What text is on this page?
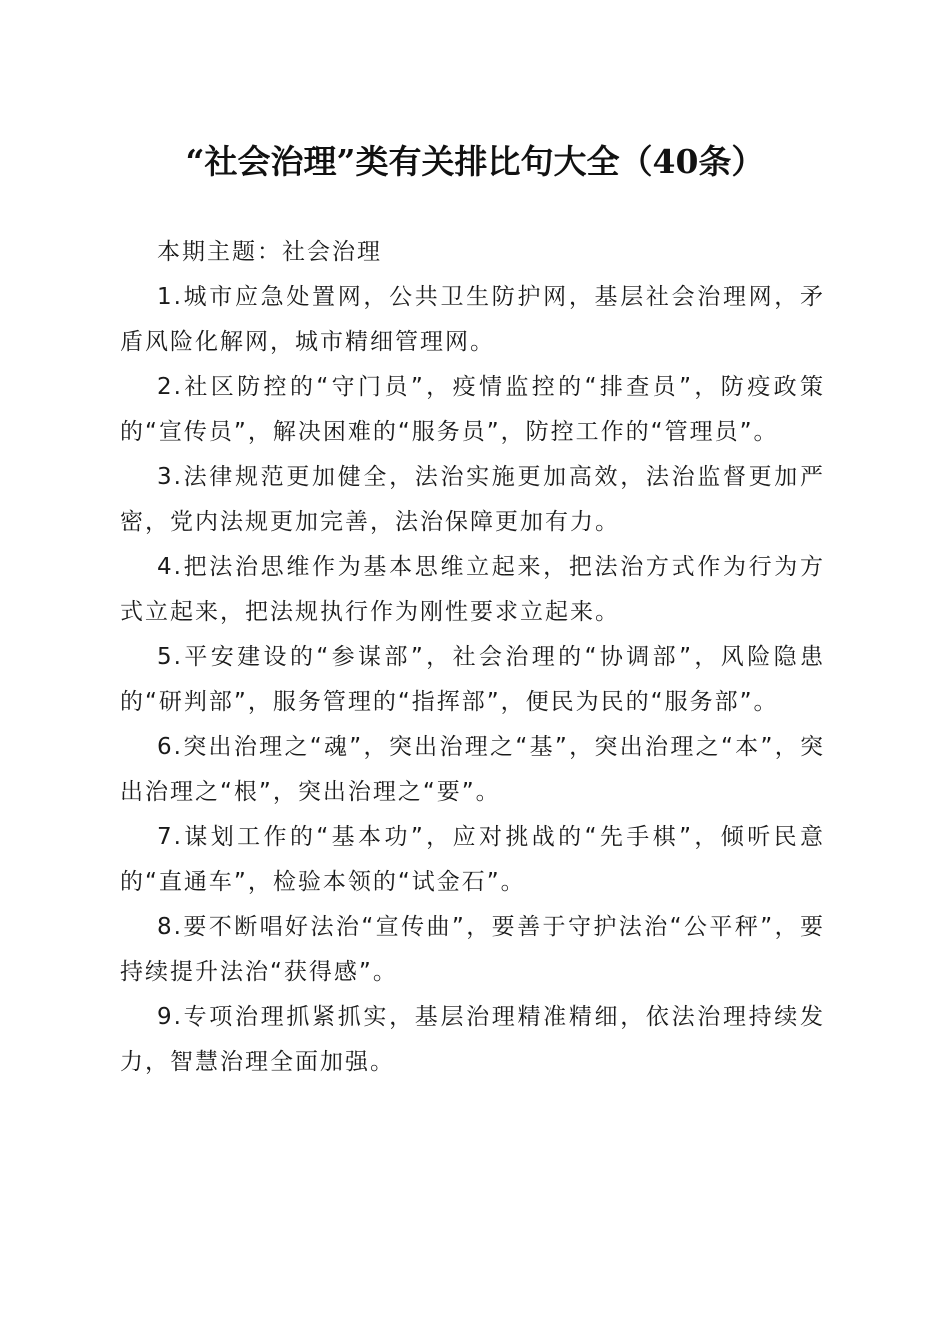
“社会治理”类有关排比句大全（40条）

本期主题：社会治理

1.城市应急处置网，公共卫生防护网，基层社会治理网，矛盾风险化解网，城市精细管理网。

2.社区防控的“守门员”，疫情监控的“排查员”，防疫政策的“宣传员”，解决困难的“服务员”，防控工作的“管理员”。

3.法律规范更加健全，法治实施更加高效，法治监督更加严密，党内法规更加完善，法治保障更加有力。

4.把法治思维作为基本思维立起来，把法治方式作为行为方式立起来，把法规执行作为刚性要求立起来。

5.平安建设的“参谋部”，社会治理的“协调部”，风险隐患的“研判部”，服务管理的“指挥部”，便民为民的“服务部”。

6.突出治理之“魂”，突出治理之“基”，突出治理之“本”，突出治理之“根”，突出治理之“要”。

7.谋划工作的“基本功”，应对挑战的“先手棋”，倾听民意的“直通车”，检验本领的“试金石”。

8.要不断唱好法治“宣传曲”，要善于守护法治“公平秤”，要持续提升法治“获得感”。

9.专项治理抓紧抓实，基层治理精准精细，依法治理持续发力，智慧治理全面加强。
